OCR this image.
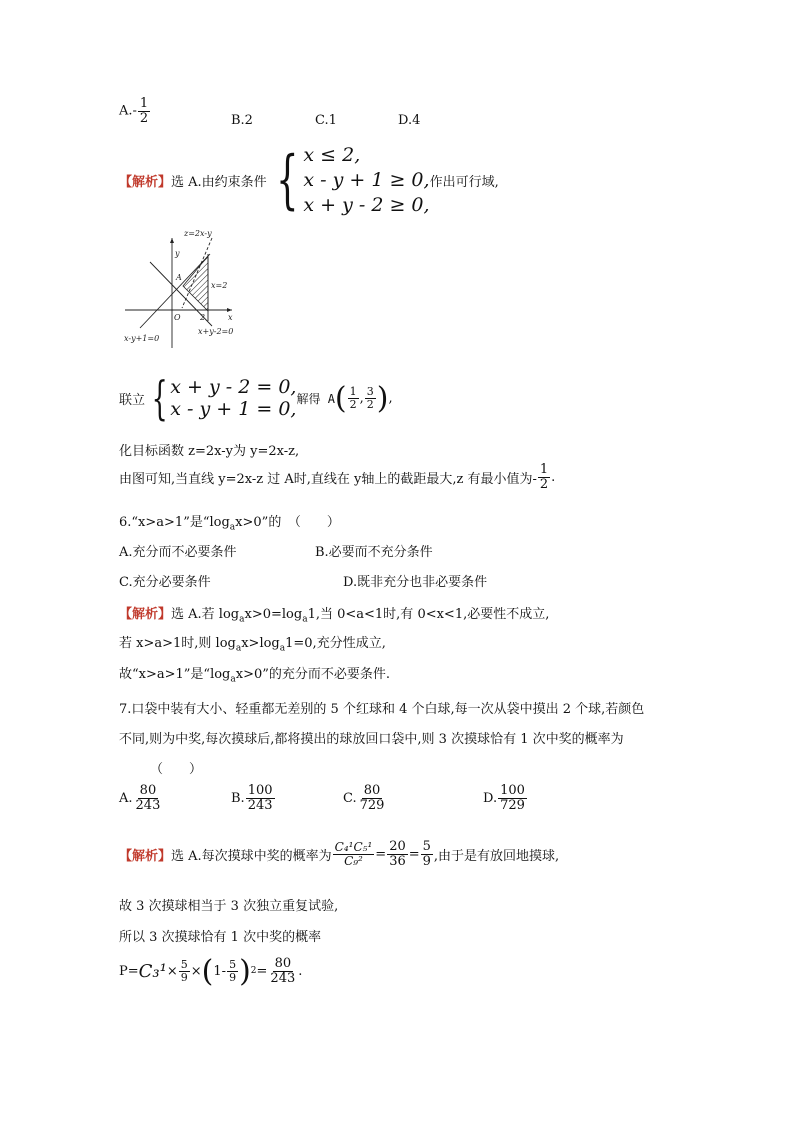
$A.- \frac{1}{2}$	B.2	C.1	D.4
【解析】 选 A.由约束条件 { x ≤ 2,
x - y + 1 ≥ 0,
x + y - 2 ≥ 0,
作出可行域,
z=2x-y
y
A
x=2
O 2	x
x-y+1=0
x+y-2=0
联立 { x + y - 2 = 0,
x - y + 1 = 0, 解得 A ( $\frac{1}{2}$ , $\frac{3}{2}$ ) ,
化目标函数 z=2x-y为 y=2x-z,
由图可知,当直线 y=2x-z 过 A时,直线在 y轴上的截距最大,z 有最小值为- $\frac{1}{2}$ .
6.“x>a>1”是“$\log_ax>0$”的　（　　）
A.充分而不必要条件	B.必要而不充分条件
C.充分必要条件	D.既非充分也非必要条件
【解析】选 A.若 $\log_ax>0=\log_a1$,当 0<a<1时,有 0<x<1,必要性不成立,
若 x>a>1时,则 $\log_ax>\log_a1=0$,充分性成立,
故“x>a>1”是“$\log_ax>0$”的充分而不必要条件.
7.口袋中装有大小、轻重都无差别的 5 个红球和 4 个白球,每一次从袋中摸出 2 个球,若颜色
不同,则为中奖,每次摸球后,都将摸出的球放回口袋中,则 3 次摸球恰有 1 次中奖的概率为
（　　）
A. $\frac{80}{243}$	B. $\frac{100}{243}$	C. $\frac{80}{729}$	D. $\frac{100}{729}$
【解析】 选 A.每次摸球中奖的概率为 $\frac{\text{C₄¹C₅¹}}{\text{C₉²}} = \frac{20}{36} = \frac{5}{9}$ ,由于是有放回地摸球,
故 3 次摸球相当于 3 次独立重复试验,
所以 3 次摸球恰有 1 次中奖的概率
$P= C_3^1 \times \frac{5}{9}$ × ( $1- \frac{5}{9}$ ) $2 = \frac{80}{243}$ .
